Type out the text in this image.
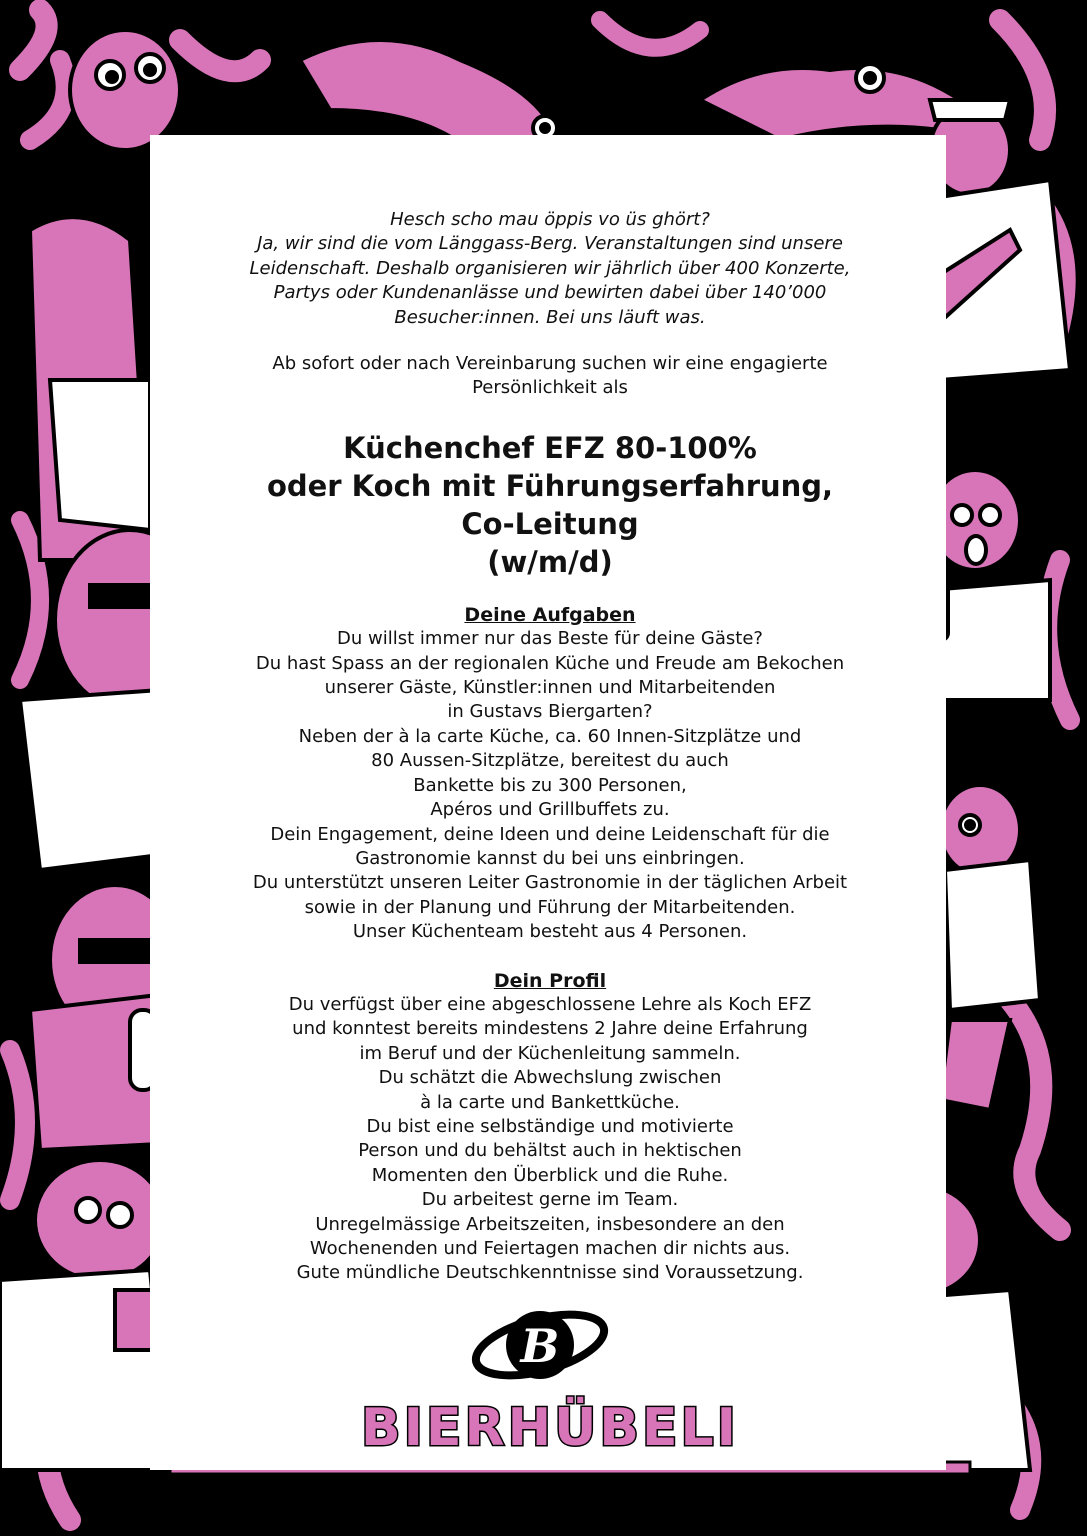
B
BIERHÜBELI

Hesch scho mau öppis vo üs ghört?
Ja, wir sind die vom Länggass-Berg. Veranstaltungen sind unsere
Leidenschaft. Deshalb organisieren wir jährlich über 400 Konzerte,
Partys oder Kundenanlässe und bewirten dabei über 140’000
Besucher:innen. Bei uns läuft was.

Ab sofort oder nach Vereinbarung suchen wir eine engagierte
Persönlichkeit als

Küchenchef EFZ 80-100%
oder Koch mit Führungserfahrung,
Co-Leitung
(w/m/d)
Deine Aufgaben

Du willst immer nur das Beste für deine Gäste?
Du hast Spass an der regionalen Küche und Freude am Bekochen
unserer Gäste, Künstler:innen und Mitarbeitenden
in Gustavs Biergarten?
Neben der à la carte Küche, ca. 60 Innen-Sitzplätze und
80 Aussen-Sitzplätze, bereitest du auch
Bankette bis zu 300 Personen,
Apéros und Grillbuffets zu.
Dein Engagement, deine Ideen und deine Leidenschaft für die
Gastronomie kannst du bei uns einbringen.
Du unterstützt unseren Leiter Gastronomie in der täglichen Arbeit
sowie in der Planung und Führung der Mitarbeitenden.
Unser Küchenteam besteht aus 4 Personen.

Dein Profil

Du verfügst über eine abgeschlossene Lehre als Koch EFZ
und konntest bereits mindestens 2 Jahre deine Erfahrung
im Beruf und der Küchenleitung sammeln.
Du schätzt die Abwechslung zwischen
à la carte und Bankettküche.
Du bist eine selbständige und motivierte
Person und du behältst auch in hektischen
Momenten den Überblick und die Ruhe.
Du arbeitest gerne im Team.
Unregelmässige Arbeitszeiten, insbesondere an den
Wochenenden und Feiertagen machen dir nichts aus.
Gute mündliche Deutschkenntnisse sind Voraussetzung.
